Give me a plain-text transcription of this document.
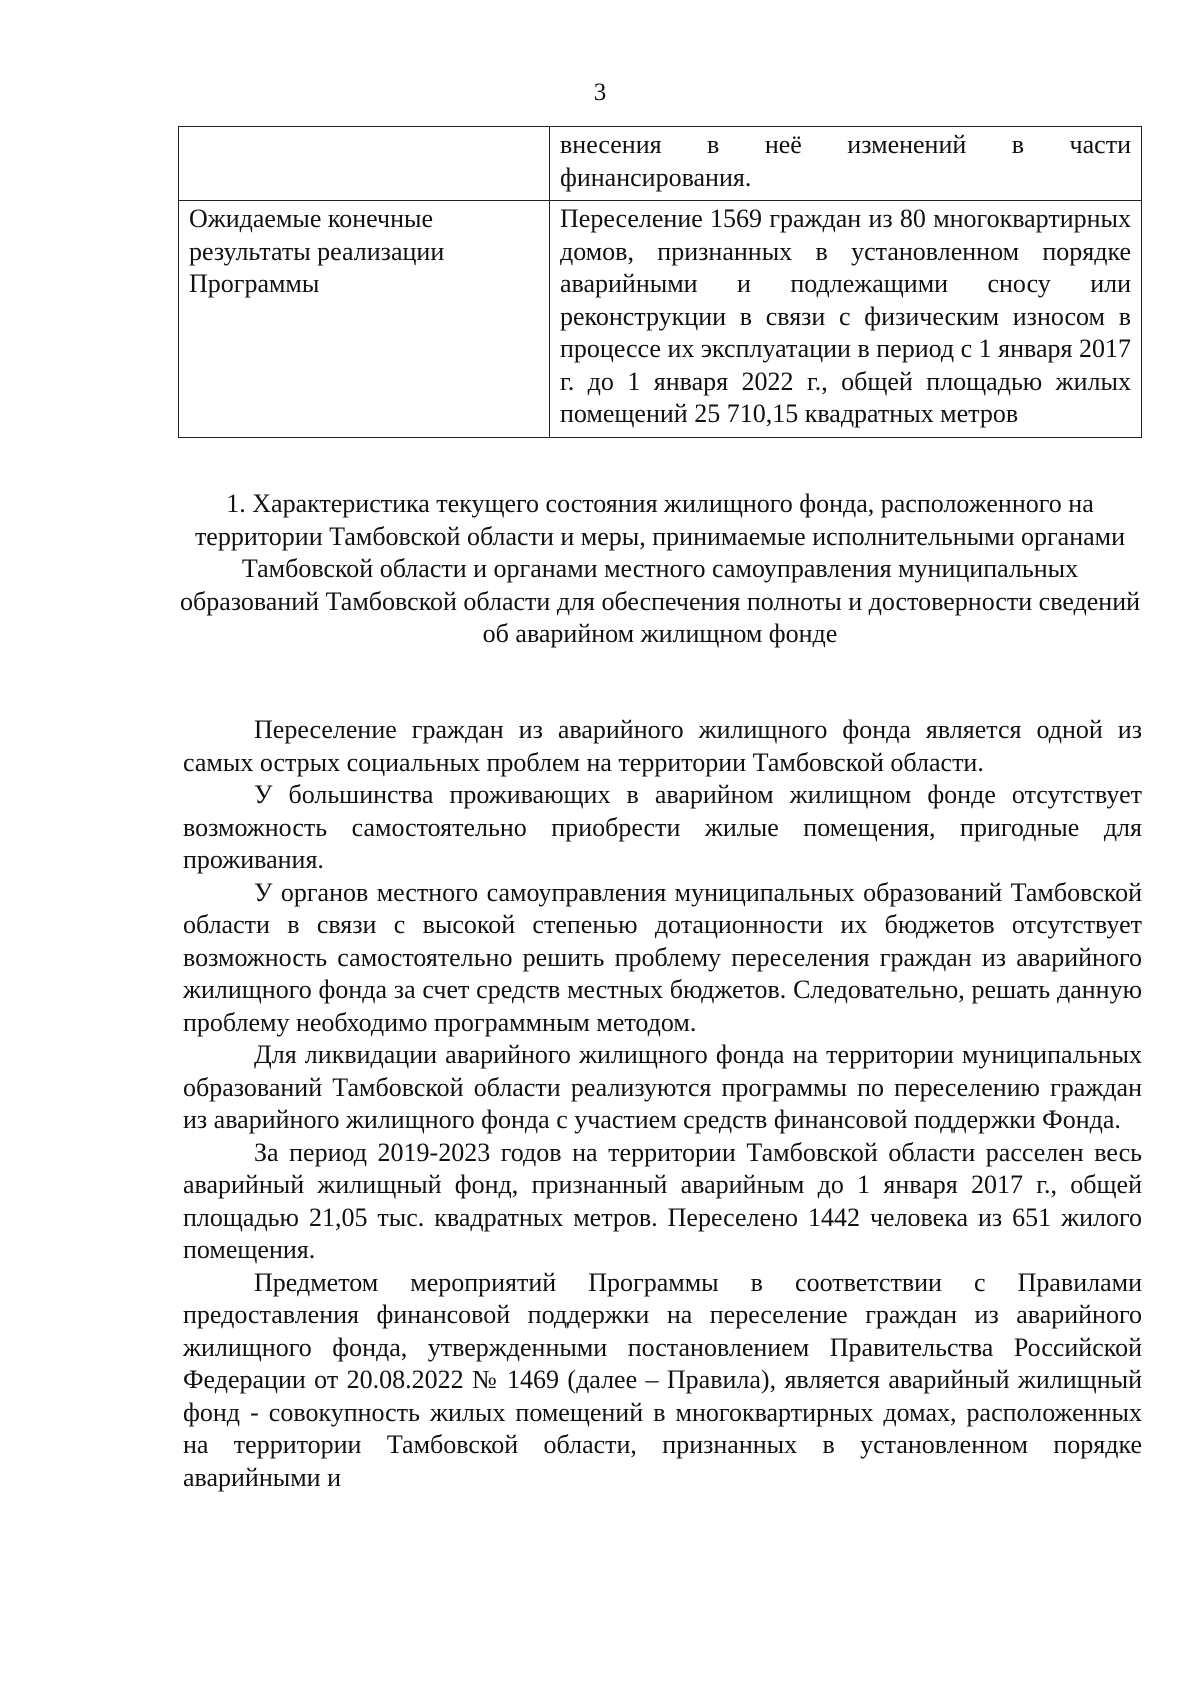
3
	внесения в неё изменений в части финансирования.
Ожидаемые конечные результаты реализации Программы	Переселение 1569 граждан из 80 многоквартирных домов, признанных в установленном порядке аварийными и подлежащими сносу или реконструкции в связи с физическим износом в процессе их эксплуатации в период с 1 января 2017 г. до 1 января 2022 г., общей площадью жилых помещений 25 710,15 квадратных метров
1. Характеристика текущего состояния жилищного фонда, расположенного на территории Тамбовской области и меры, принимаемые исполнительными органами Тамбовской области и органами местного самоуправления муниципальных образований Тамбовской области для обеспечения полноты и достоверности сведений об аварийном жилищном фонде

Переселение граждан из аварийного жилищного фонда является одной из самых острых социальных проблем на территории Тамбовской области.

У большинства проживающих в аварийном жилищном фонде отсутствует возможность самостоятельно приобрести жилые помещения, пригодные для проживания.

У органов местного самоуправления муниципальных образований Тамбовской области в связи с высокой степенью дотационности их бюджетов отсутствует возможность самостоятельно решить проблему переселения граждан из аварийного жилищного фонда за счет средств местных бюджетов. Следовательно, решать данную проблему необходимо программным методом.

Для ликвидации аварийного жилищного фонда на территории муниципальных образований Тамбовской области реализуются программы по переселению граждан из аварийного жилищного фонда с участием средств финансовой поддержки Фонда.

За период 2019-2023 годов на территории Тамбовской области расселен весь аварийный жилищный фонд, признанный аварийным до 1 января 2017 г., общей площадью 21,05 тыс. квадратных метров. Переселено 1442 человека из 651 жилого помещения.

Предметом мероприятий Программы в соответствии с Правилами предоставления финансовой поддержки на переселение граждан из аварийного жилищного фонда, утвержденными постановлением Правительства Российской Федерации от 20.08.2022 № 1469 (далее – Правила), является аварийный жилищный фонд - совокупность жилых помещений в многоквартирных домах, расположенных на территории Тамбовской области, признанных в установленном порядке аварийными и
